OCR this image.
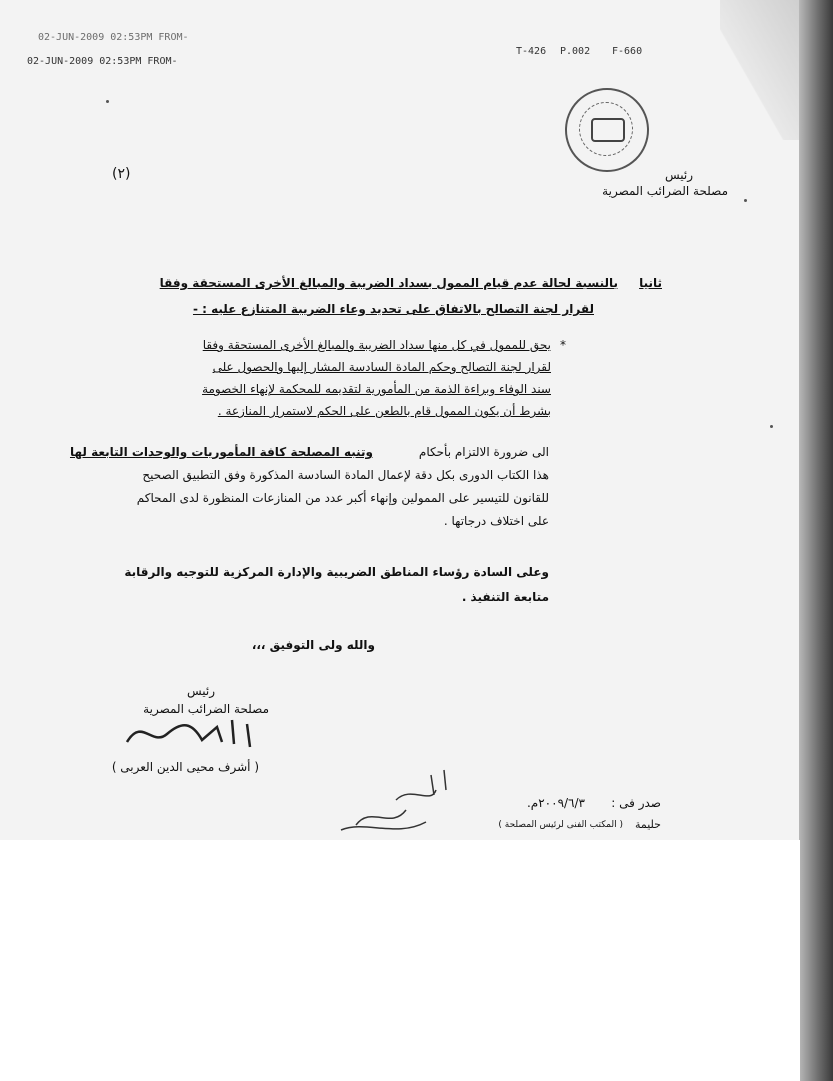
02-JUN-2009 02:53PM FROM-
02-JUN-2009 02:53PM FROM-
T-426 P.002 F-660
رئيس
مصلحة الضرائب المصرية
(٢)
بالنسبة لحالة عدم قيام الممول بسداد الضريبة والمبالغ الأخرى المستحقة وفقا ثانيا
لقرار لجنة التصالح بالاتفاق على تحديد وعاء الضريبة المتنازع عليه : -
*
يحق للممول في كل منها سداد الضريبة والمبالغ الأخرى المستحقة وفقا
لقرار لجنة التصالح وحكم المادة السادسة المشار إليها والحصول على
سند الوفاء وبراءة الذمة من المأمورية لتقديمه للمحكمة لإنهاء الخصومة
بشرط أن يكون الممول قام بالطعن على الحكم لاستمرار المنازعة .
الى ضرورة الالتزام بأحكام
وتنبه المصلحة كافة المأموريات والوحدات التابعة لها
هذا الكتاب الدورى بكل دقة لإعمال المادة السادسة المذكورة وفق التطبيق الصحيح
للقانون للتيسير على الممولين وإنهاء أكبر عدد من المنازعات المنظورة لدى المحاكم
على اختلاف درجاتها .
وعلى السادة رؤساء المناطق الضريبية والإدارة المركزية للتوجيه والرقابة
متابعة التنفيذ .
والله ولى التوفيق ،،،
رئيس
مصلحة الضرائب المصرية
( أشرف محيى الدين العربى )
صدر فى :
٢٠٠٩/٦/٣م.
حليمة
( المكتب الفنى لرئيس المصلحة )
